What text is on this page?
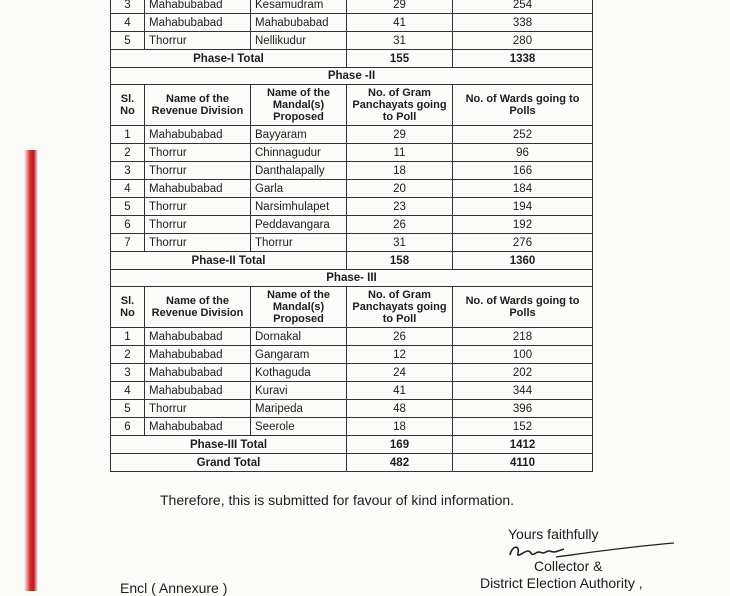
3	Mahabubabad	Kesamudram	29	254
4	Mahabubabad	Mahabubabad	41	338
5	Thorrur	Nellikudur	31	280
Phase-I Total			155	1338
Phase -II				
Sl. No	Name of the Revenue Division	Name of the Mandal(s) Proposed	No. of Gram Panchayats going to Poll	No. of Wards going to Polls
1	Mahabubabad	Bayyaram	29	252
2	Thorrur	Chinnagudur	11	96
3	Thorrur	Danthalapally	18	166
4	Mahabubabad	Garla	20	184
5	Thorrur	Narsimhulapet	23	194
6	Thorrur	Peddavangara	26	192
7	Thorrur	Thorrur	31	276
Phase-II Total			158	1360
Phase- III				
Sl. No	Name of the Revenue Division	Name of the Mandal(s) Proposed	No. of Gram Panchayats going to Poll	No. of Wards going to Polls
1	Mahabubabad	Dornakal	26	218
2	Mahabubabad	Gangaram	12	100
3	Mahabubabad	Kothaguda	24	202
4	Mahabubabad	Kuravi	41	344
5	Thorrur	Maripeda	48	396
6	Mahabubabad	Seerole	18	152
Phase-III Total			169	1412
Grand Total			482	4110
Therefore, this is submitted for favour of kind information.
Yours faithfully
Collector &
District Election Authority ,
Encl ( Annexure )
